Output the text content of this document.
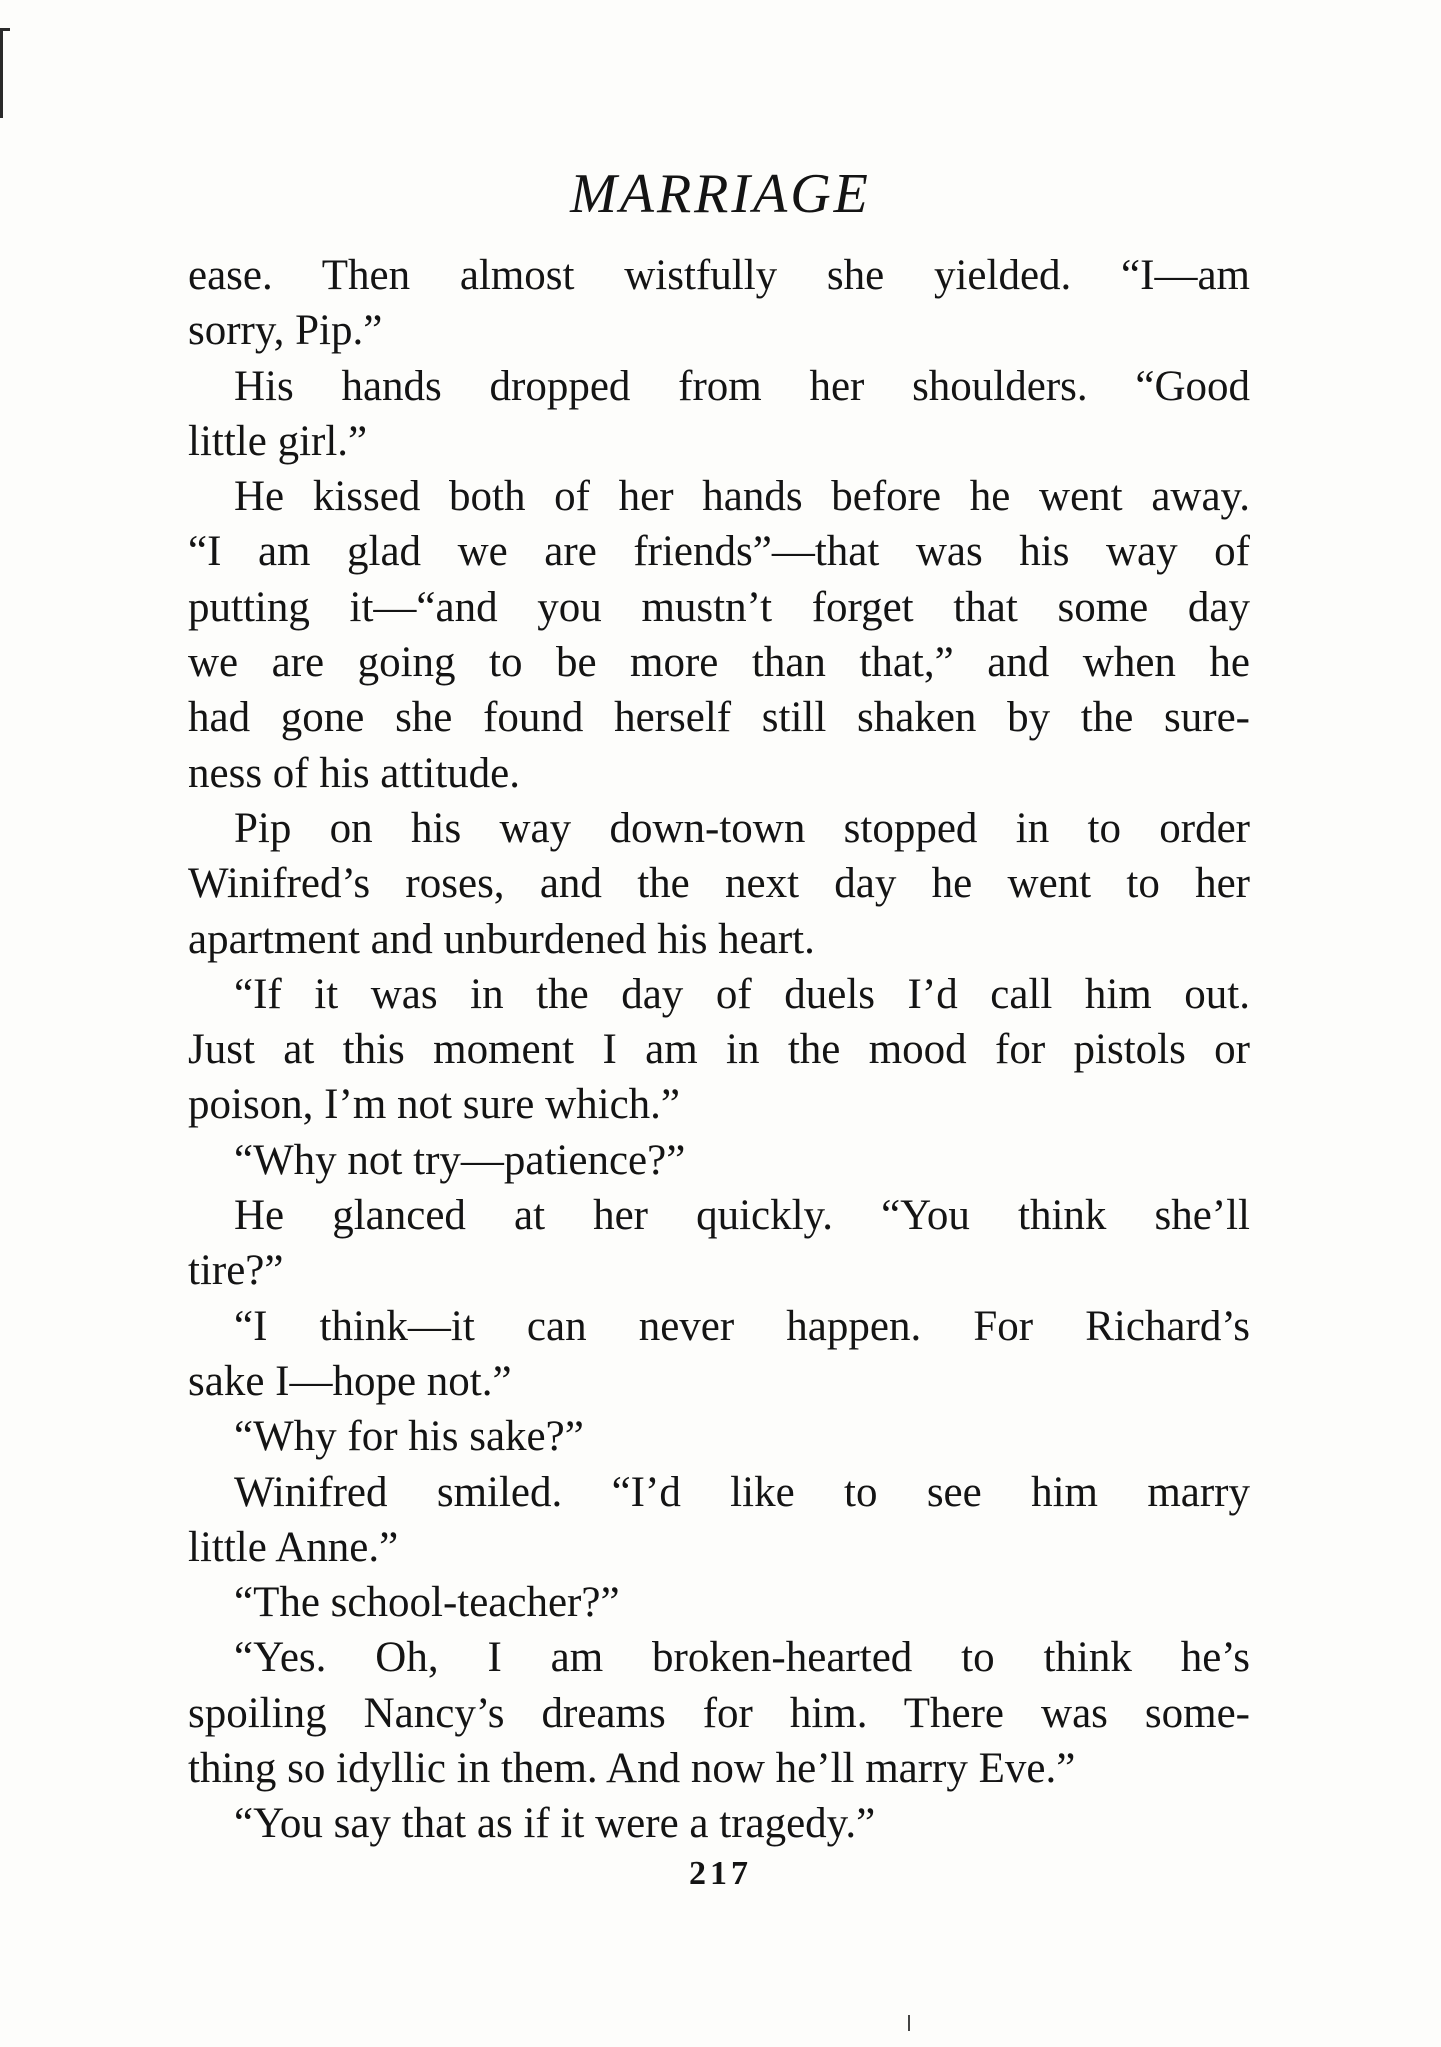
MARRIAGE
ease. Then almost wistfully she yielded. “I—am
sorry, Pip.”
His hands dropped from her shoulders. “Good
little girl.”
He kissed both of her hands before he went away.
“I am glad we are friends”—that was his way of
putting it—“and you mustn’t forget that some day
we are going to be more than that,” and when he
had gone she found herself still shaken by the sure-
ness of his attitude.
Pip on his way down-town stopped in to order
Winifred’s roses, and the next day he went to her
apartment and unburdened his heart.
“If it was in the day of duels I’d call him out.
Just at this moment I am in the mood for pistols or
poison, I’m not sure which.”
“Why not try—patience?”
He glanced at her quickly. “You think she’ll
tire?”
“I think—it can never happen. For Richard’s
sake I—hope not.”
“Why for his sake?”
Winifred smiled. “I’d like to see him marry
little Anne.”
“The school-teacher?”
“Yes. Oh, I am broken-hearted to think he’s
spoiling Nancy’s dreams for him. There was some-
thing so idyllic in them. And now he’ll marry Eve.”
“You say that as if it were a tragedy.”
217
